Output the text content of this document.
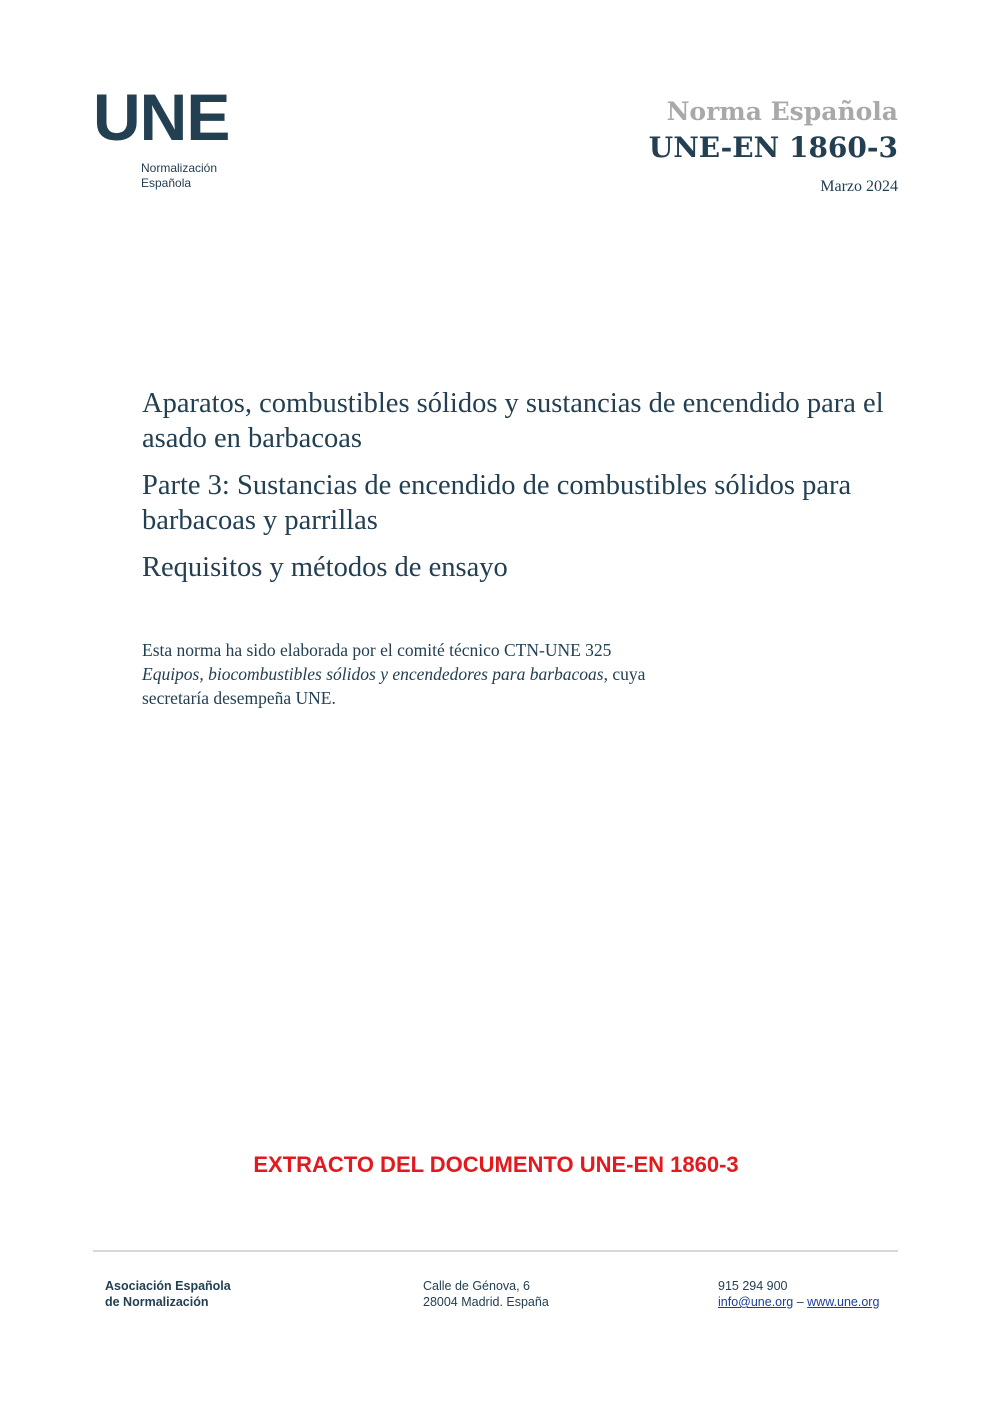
UNE
Normalización
Española
Norma Española
UNE-EN 1860-3
Marzo 2024

Aparatos, combustibles sólidos y sustancias de encendido para el asado en barbacoas

Parte 3: Sustancias de encendido de combustibles sólidos para barbacoas y parrillas

Requisitos y métodos de ensayo

Esta norma ha sido elaborada por el comité técnico CTN-UNE 325 Equipos, biocombustibles sólidos y encendedores para barbacoas, cuya secretaría desempeña UNE.

EXTRACTO DEL DOCUMENTO UNE-EN 1860-3
Asociación Española
de Normalización
Calle de Génova, 6
28004 Madrid. España
915 294 900
info@une.org – www.une.org
